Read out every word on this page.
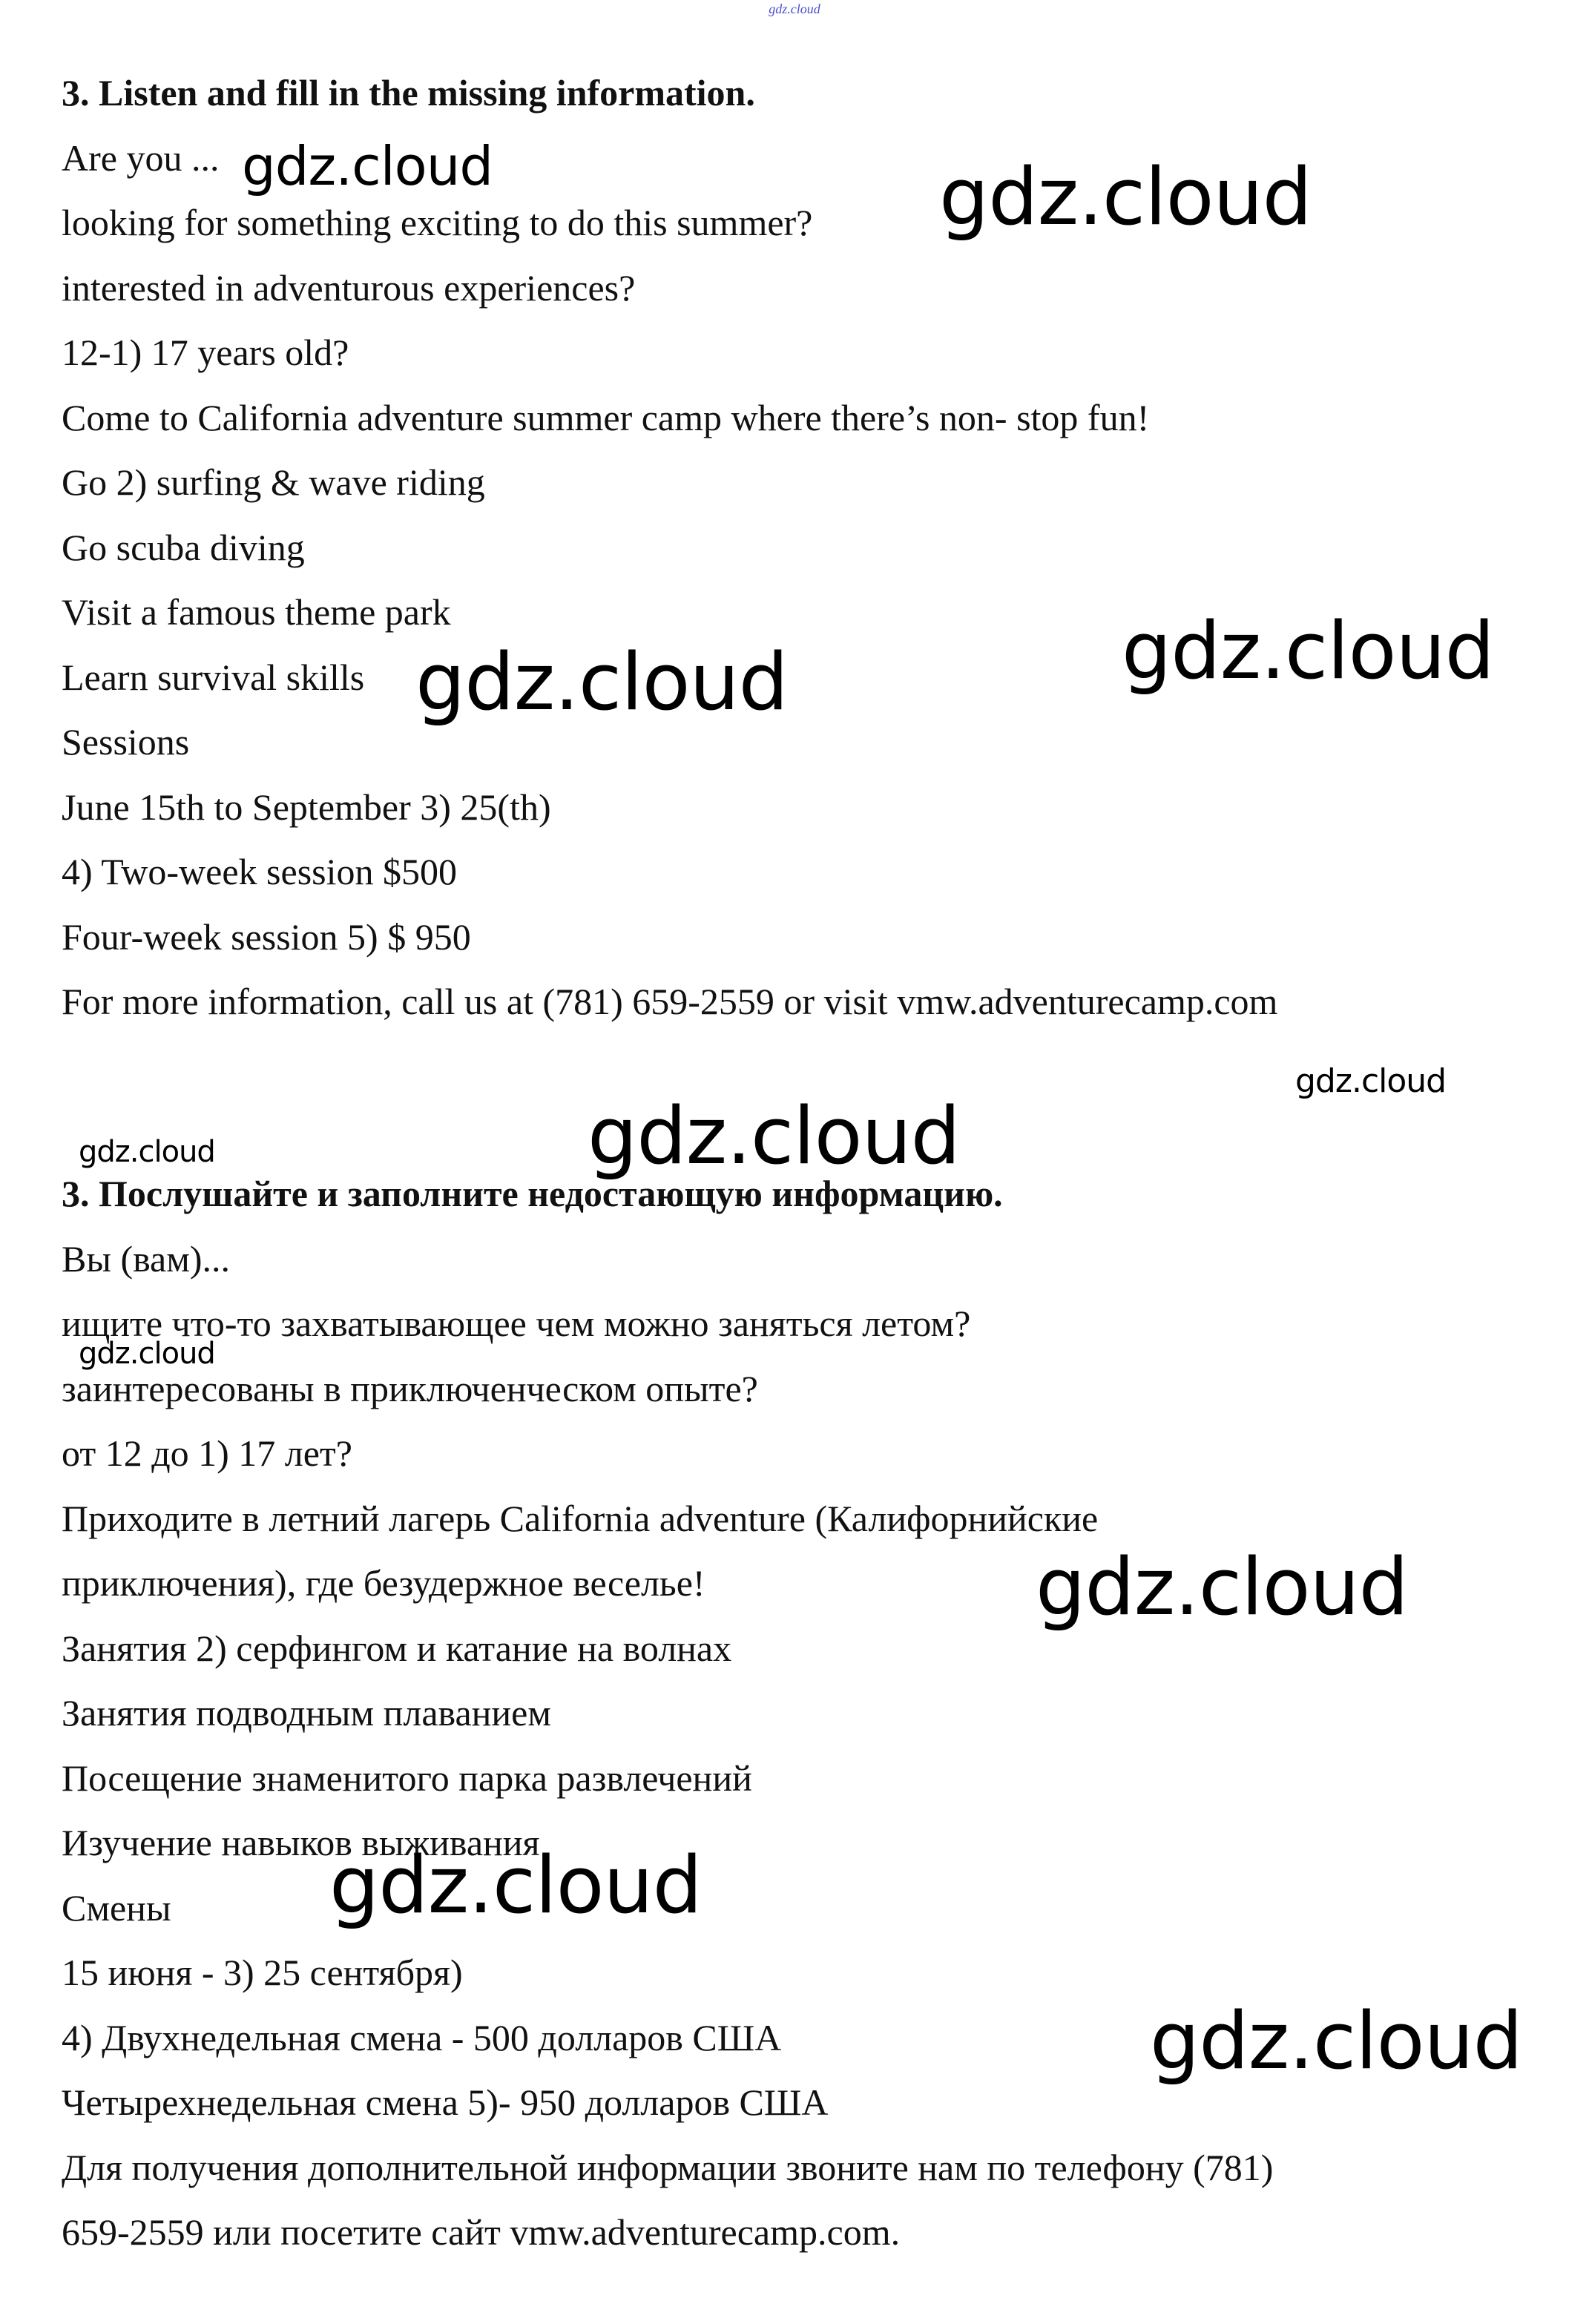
gdz.cloud
3. Listen and fill in the missing information.
Are you ...
looking for something exciting to do this summer?
interested in adventurous experiences?
12-1) 17 years old?
Come to California adventure summer camp where there’s non- stop fun!
Go 2) surfing & wave riding
Go scuba diving
Visit a famous theme park
Learn survival skills
Sessions
June 15th to September 3) 25(th)
4) Two-week session $500
Four-week session 5) $ 950
For more information, call us at (781) 659-2559 or visit vmw.adventurecamp.com
3. Послушайте и заполните недостающую информацию.
Вы (вам)...
ищите что-то захватывающее чем можно заняться летом?
заинтересованы в приключенческом опыте?
от 12 до 1) 17 лет?
Приходите в летний лагерь California adventure (Калифорнийские
приключения), где безудержное веселье!
Занятия 2) серфингом и катание на волнах
Занятия подводным плаванием
Посещение знаменитого парка развлечений
Изучение навыков выживания
Смены
15 июня - 3) 25 сентября)
4) Двухнедельная смена - 500 долларов США
Четырехнедельная смена 5)- 950 долларов США
Для получения дополнительной информации звоните нам по телефону (781)
659-2559 или посетите сайт vmw.adventurecamp.com.
gdz.cloud	gdz.cloud
gdz.cloud
gdz.cloud
gdz.cloud
gdz.cloud
gdz.cloud
gdz.cloud
gdz.cloud
gdz.cloud
gdz.cloud
